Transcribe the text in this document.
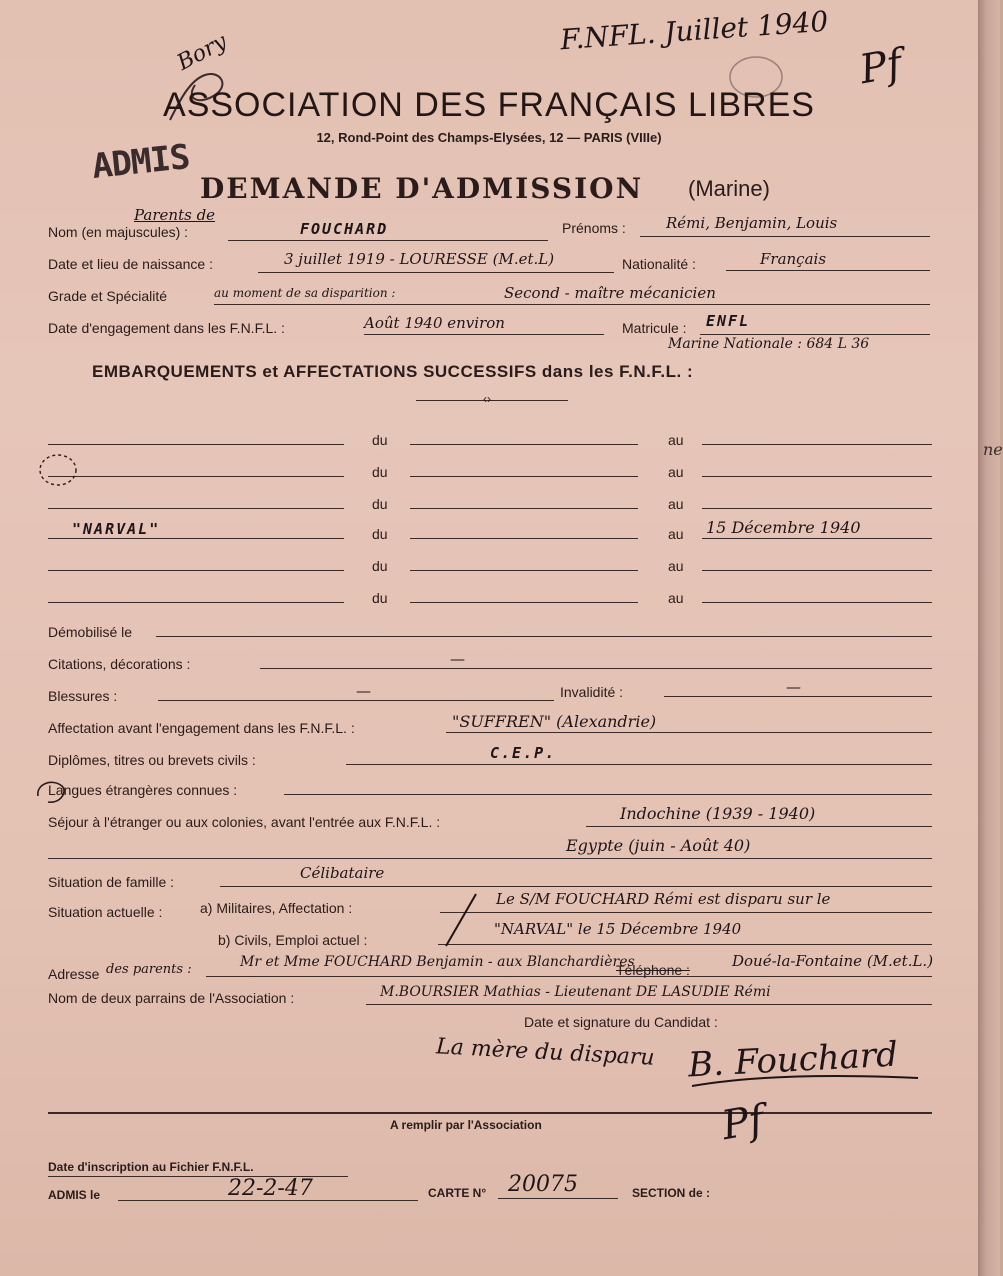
ne
F.NFL. Juillet 1940
Bory	Pf
ASSOCIATION DES FRANÇAIS LIBRES
12, Rond-Point des Champs-Elysées, 12 — PARIS (VIIIe)
ADMIS
DEMANDE D'ADMISSION (Marine)
Nom (en majuscules) :
Parents de
FOUCHARD	Prénoms :	Rémi, Benjamin, Louis
Date et lieu de naissance :	3 juillet 1919 - LOURESSE (M.et.L)	Nationalité :	Français
Grade et Spécialité	au moment de sa disparition :	Second - maître mécanicien
Date d'engagement dans les F.N.F.L. :	Août 1940 environ	Matricule : ENFL
Marine Nationale : 684 L 36
EMBARQUEMENTS et AFFECTATIONS SUCCESSIFS dans les F.N.F.L. :
‹›
du	au
du	au
du	au
"NARVAL"	du	au 15 Décembre 1940
du	au
du	au
Démobilisé le
Citations, décorations :	—
Blessures :	—	Invalidité :	—
Affectation avant l'engagement dans les F.N.F.L. :	"SUFFREN" (Alexandrie)
Diplômes, titres ou brevets civils :	C.E.P.
Langues étrangères connues :
Séjour à l'étranger ou aux colonies, avant l'entrée aux F.N.F.L. :	Indochine (1939 - 1940)
Egypte (juin - Août 40)
Situation de famille :	Célibataire
Situation actuelle :	a) Militaires, Affectation :	Le S/M FOUCHARD Rémi est disparu sur le
b) Civils, Emploi actuel :
"NARVAL" le 15 Décembre 1940
Adresse des parents :	Mr et Mme FOUCHARD Benjamin - aux Blanchardières
Téléphone :	Doué-la-Fontaine (M.et.L.)
Nom de deux parrains de l'Association :	M.BOURSIER Mathias - Lieutenant DE LASUDIE Rémi
Date et signature du Candidat :
La mère du disparu B. Fouchard
A remplir par l'Association	Pf
Date d'inscription au Fichier F.N.F.L.
ADMIS le	22-2-47	CARTE N° 20075	SECTION de :
